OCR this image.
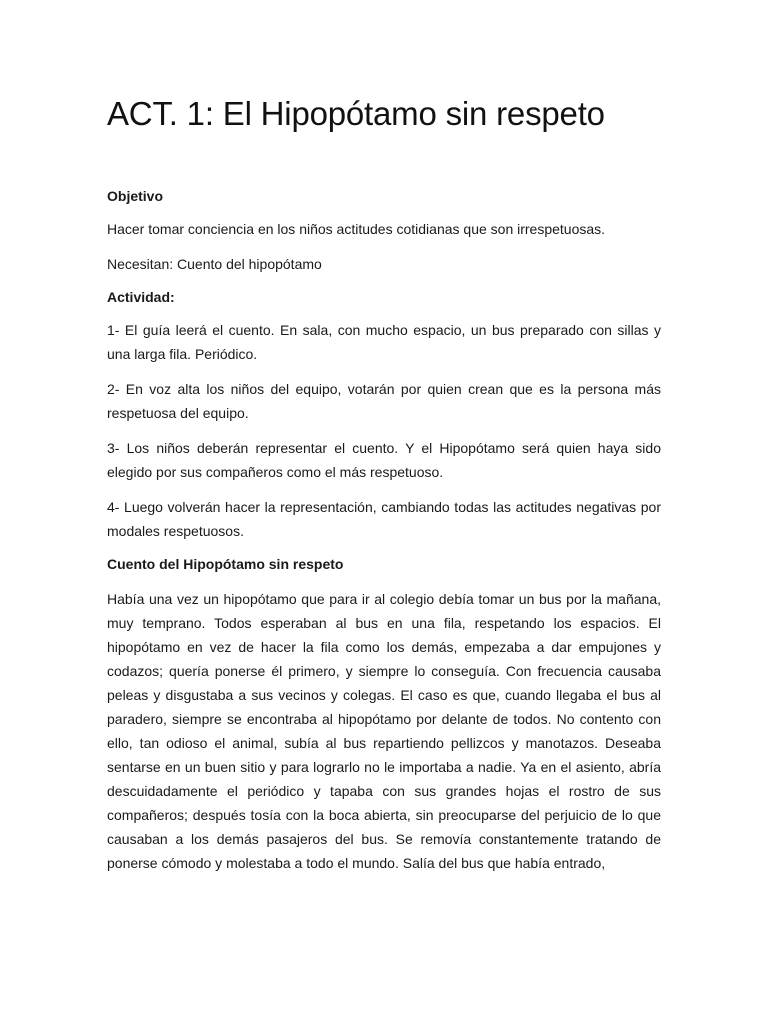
ACT. 1: El Hipopótamo sin respeto

Objetivo

Hacer tomar conciencia en los niños actitudes cotidianas que son irrespetuosas.

Necesitan: Cuento del hipopótamo

Actividad:

1- El guía leerá el cuento. En sala, con mucho espacio, un bus preparado con sillas y una larga fila. Periódico.

2- En voz alta los niños del equipo, votarán por quien crean que es la persona más respetuosa del equipo.

3- Los niños deberán representar el cuento. Y el Hipopótamo será quien haya sido elegido por sus compañeros como el más respetuoso.

4- Luego volverán hacer la representación, cambiando todas las actitudes negativas por modales respetuosos.

Cuento del Hipopótamo sin respeto

Había una vez un hipopótamo que para ir al colegio debía tomar un bus por la mañana, muy temprano. Todos esperaban al bus en una fila, respetando los espacios. El hipopótamo en vez de hacer la fila como los demás, empezaba a dar empujones y codazos; quería ponerse él primero, y siempre lo conseguía. Con frecuencia causaba peleas y disgustaba a sus vecinos y colegas. El caso es que, cuando llegaba el bus al paradero, siempre se encontraba al hipopótamo por delante de todos. No contento con ello, tan odioso el animal, subía al bus repartiendo pellizcos y manotazos. Deseaba sentarse en un buen sitio y para lograrlo no le importaba a nadie. Ya en el asiento, abría descuidadamente el periódico y tapaba con sus grandes hojas el rostro de sus compañeros; después tosía con la boca abierta, sin preocuparse del perjuicio de lo que causaban a los demás pasajeros del bus. Se removía constantemente tratando de ponerse cómodo y molestaba a todo el mundo. Salía del bus que había entrado,
